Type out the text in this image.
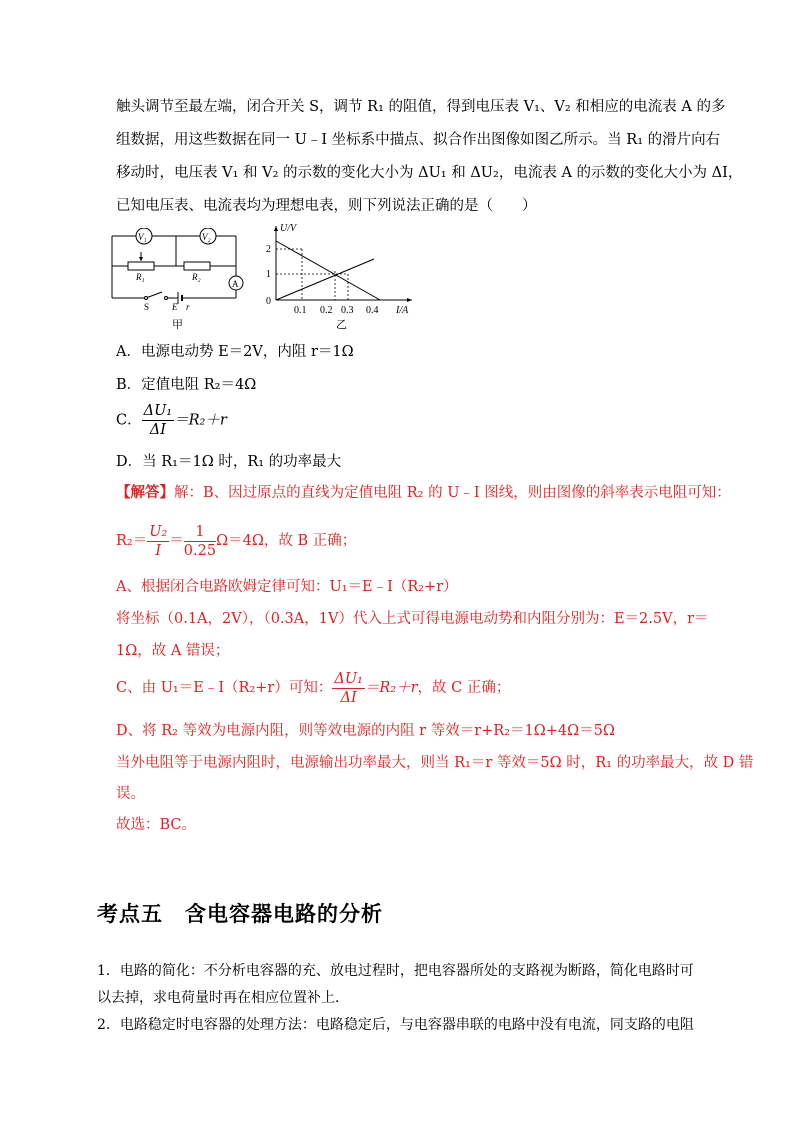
触头调节至最左端，闭合开关 S，调节 R₁ 的阻值，得到电压表 V₁、V₂ 和相应的电流表 A 的多
组数据，用这些数据在同一 U﹣I 坐标系中描点、拟合作出图像如图乙所示。当 R₁ 的滑片向右
移动时，电压表 V₁ 和 V₂ 的示数的变化大小为 ΔU₁ 和 ΔU₂，电流表 A 的示数的变化大小为 ΔI，
已知电压表、电流表均为理想电表，则下列说法正确的是（　　）
V₁	V₂
R₁	R₂
A
S	E r
甲
U/V
I/A
0
2
1
0.1 0.2 0.3 0.4
乙
A．电源电动势 E＝2V，内阻 r＝1Ω
B．定值电阻 R₂＝4Ω
C． $\frac{\text{ΔU₁}}{\Delta I} =R_2+r$
D．当 R₁＝1Ω 时，R₁ 的功率最大
【解答】解：B、因过原点的直线为定值电阻 R₂ 的 U﹣I 图线，则由图像的斜率表示电阻可知：
$R_2= \frac{\text{U₂}}{I} = \frac{1}{0.25} \Omega=4\Omega$，故 B 正确；
A、根据闭合电路欧姆定律可知：U₁＝E﹣I（R₂+r）
将坐标（0.1A，2V），（0.3A，1V）代入上式可得电源电动势和内阻分别为：E＝2.5V，r＝
1Ω，故 A 错误；
C、由 U₁＝E﹣I（R₂+r）可知： $\frac{\text{ΔU₁}}{\Delta I} =R_2+r$，故 C 正确；
D、将 R₂ 等效为电源内阻，则等效电源的内阻 r 等效＝r+R₂＝1Ω+4Ω＝5Ω
当外电阻等于电源内阻时，电源输出功率最大，则当 R₁＝r 等效＝5Ω 时，R₁ 的功率最大，故 D 错
误。
故选：BC。
考点五　含电容器电路的分析
1．电路的简化：不分析电容器的充、放电过程时，把电容器所处的支路视为断路，简化电路时可
以去掉，求电荷量时再在相应位置补上．
2．电路稳定时电容器的处理方法：电路稳定后，与电容器串联的电路中没有电流，同支路的电阻
